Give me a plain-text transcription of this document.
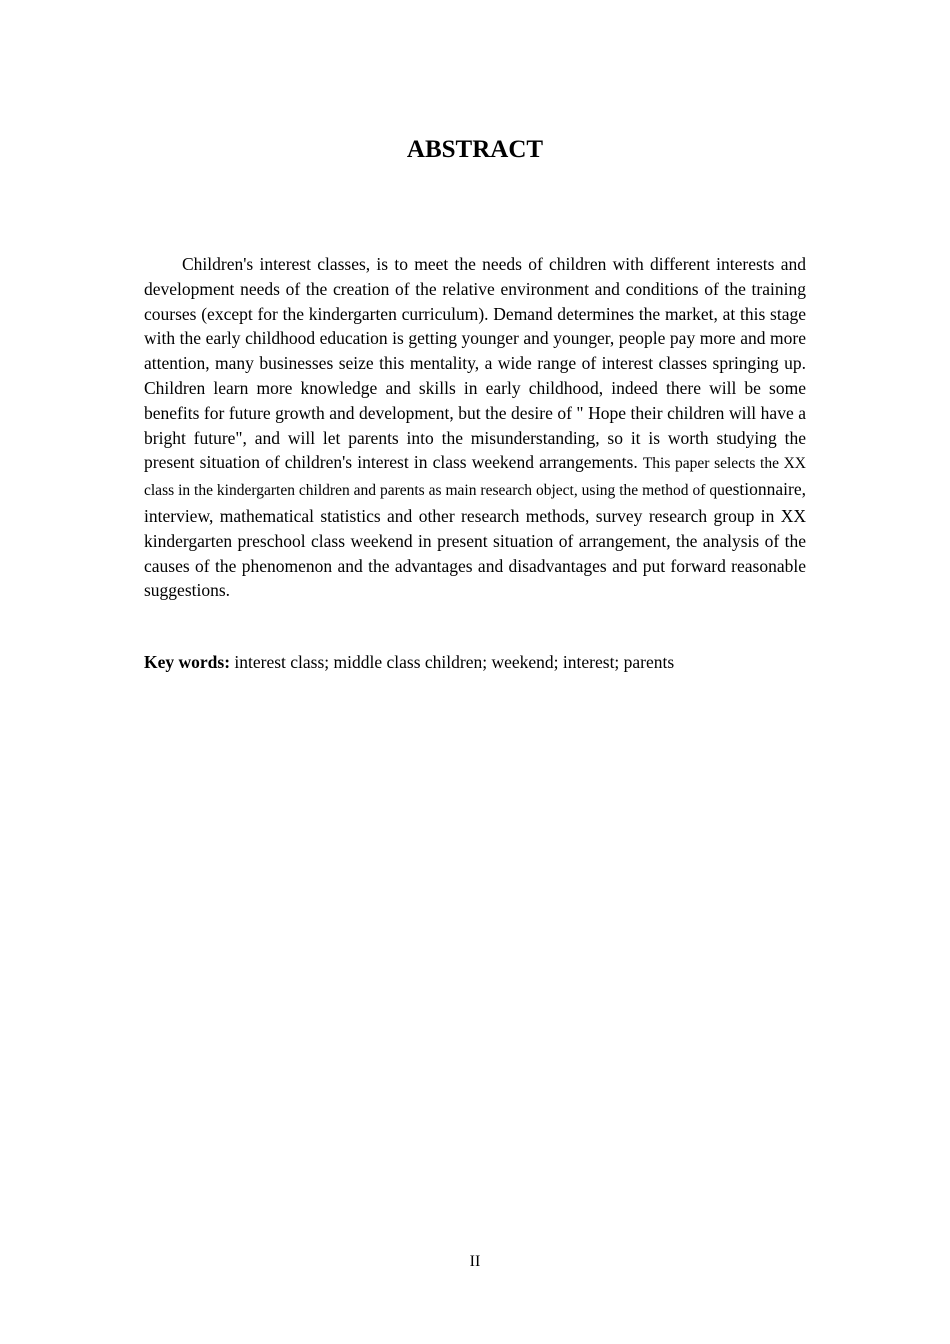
ABSTRACT

Children's interest classes, is to meet the needs of children with different interests and development needs of the creation of the relative environment and conditions of the training courses (except for the kindergarten curriculum). Demand determines the market, at this stage with the early childhood education is getting younger and younger, people pay more and more attention, many businesses seize this mentality, a wide range of interest classes springing up. Children learn more knowledge and skills in early childhood, indeed there will be some benefits for future growth and development, but the desire of " Hope their children will have a bright future", and will let parents into the misunderstanding, so it is worth studying the present situation of children's interest in class weekend arrangements. This paper selects the XX class in the kindergarten children and parents as main research object, using the method of questionnaire, interview, mathematical statistics and other research methods, survey research group in XX kindergarten preschool class weekend in present situation of arrangement, the analysis of the causes of the phenomenon and the advantages and disadvantages and put forward reasonable suggestions.

Key words: interest class; middle class children; weekend; interest; parents

II
